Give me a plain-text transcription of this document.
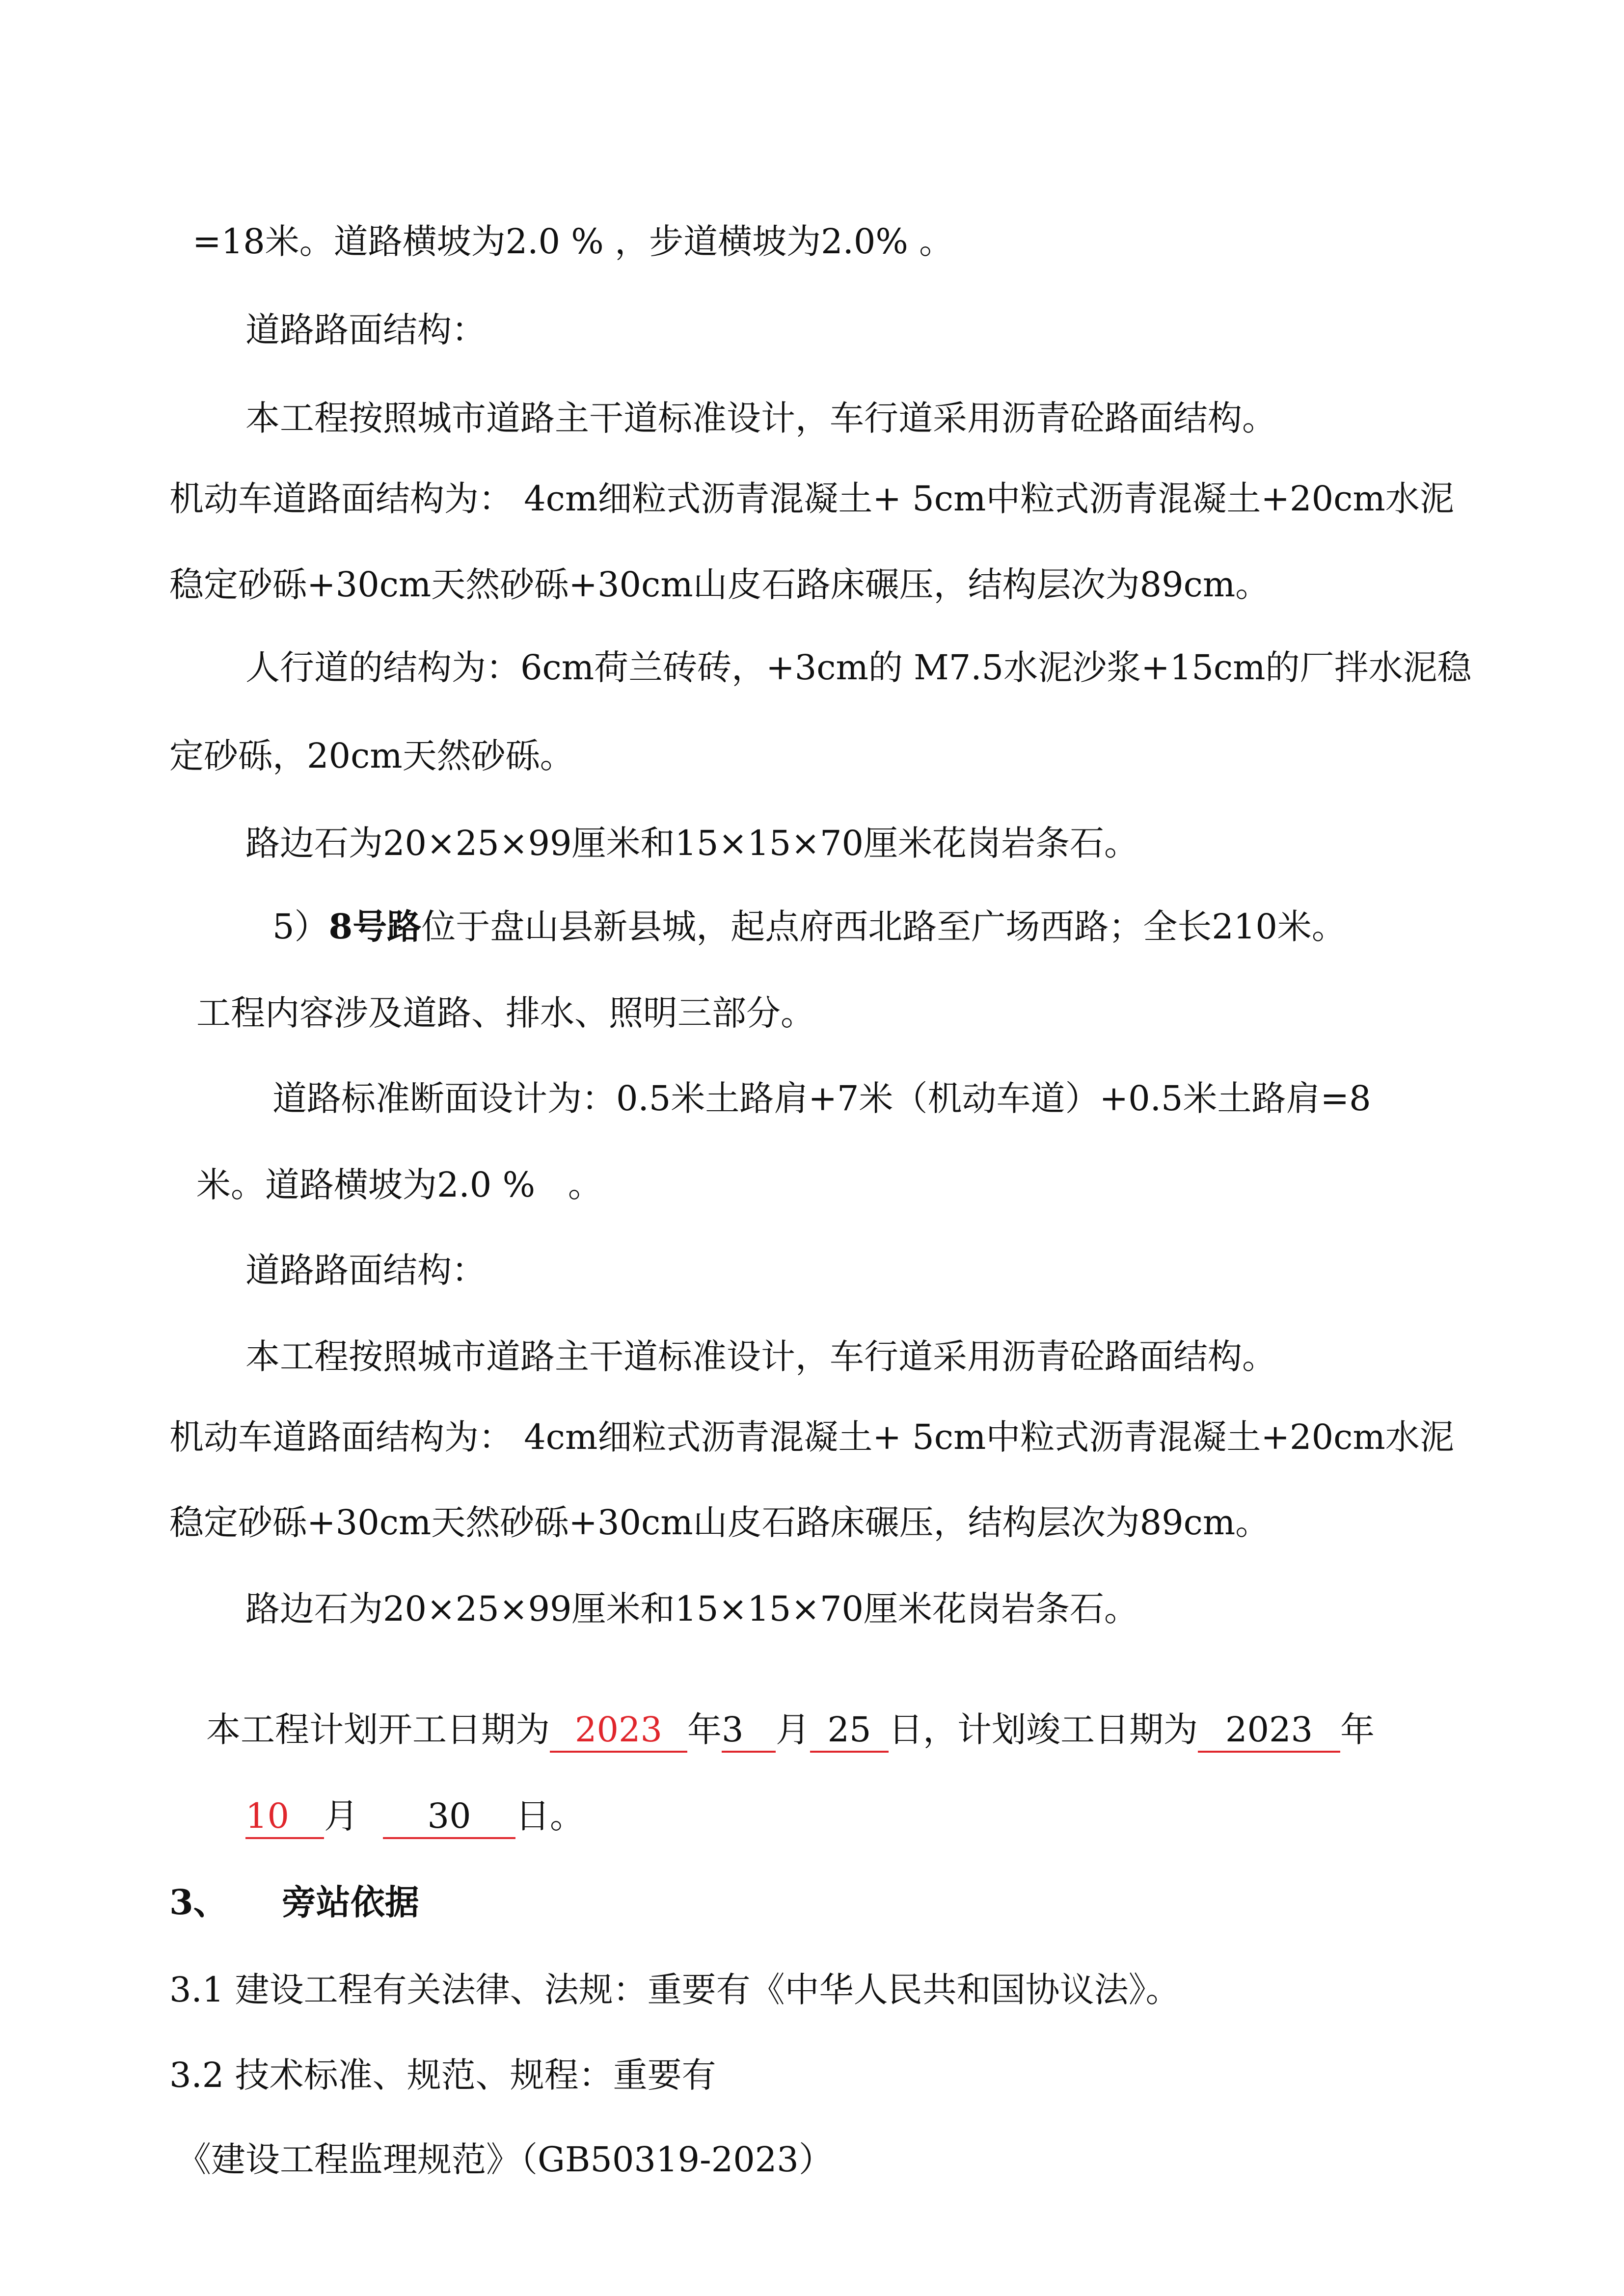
=18米。道路横坡为2.0 % ，步道横坡为2.0% 。
道路路面结构：
本工程按照城市道路主干道标准设计，车行道采用沥青砼路面结构。
机动车道路面结构为： 4cm细粒式沥青混凝土+ 5cm中粒式沥青混凝土+20cm水泥
稳定砂砾+30cm天然砂砾+30cm山皮石路床碾压，结构层次为89cm。
人行道的结构为：6cm荷兰砖砖，+3cm的 M7.5水泥沙浆+15cm的厂拌水泥稳
定砂砾，20cm天然砂砾。
路边石为20×25×99厘米和15×15×70厘米花岗岩条石。
5）8号路位于盘山县新县城，起点府西北路至广场西路；全长210米。
工程内容涉及道路、排水、照明三部分。
道路标准断面设计为：0.5米土路肩+7米（机动车道）+0.5米土路肩=8
米。道路横坡为2.0 %   。
道路路面结构：
本工程按照城市道路主干道标准设计，车行道采用沥青砼路面结构。
机动车道路面结构为： 4cm细粒式沥青混凝土+ 5cm中粒式沥青混凝土+20cm水泥
稳定砂砾+30cm天然砂砾+30cm山皮石路床碾压，结构层次为89cm。
路边石为20×25×99厘米和15×15×70厘米花岗岩条石。
本工程计划开工日期为 2023 年3 月 25 日，计划竣工日期为 2023 年
10 月 30 日。
3、 旁站依据
3.1 建设工程有关法律、法规：重要有《中华人民共和国协议法》。
3.2 技术标准、规范、规程：重要有
《建设工程监理规范》（GB50319-2023）
